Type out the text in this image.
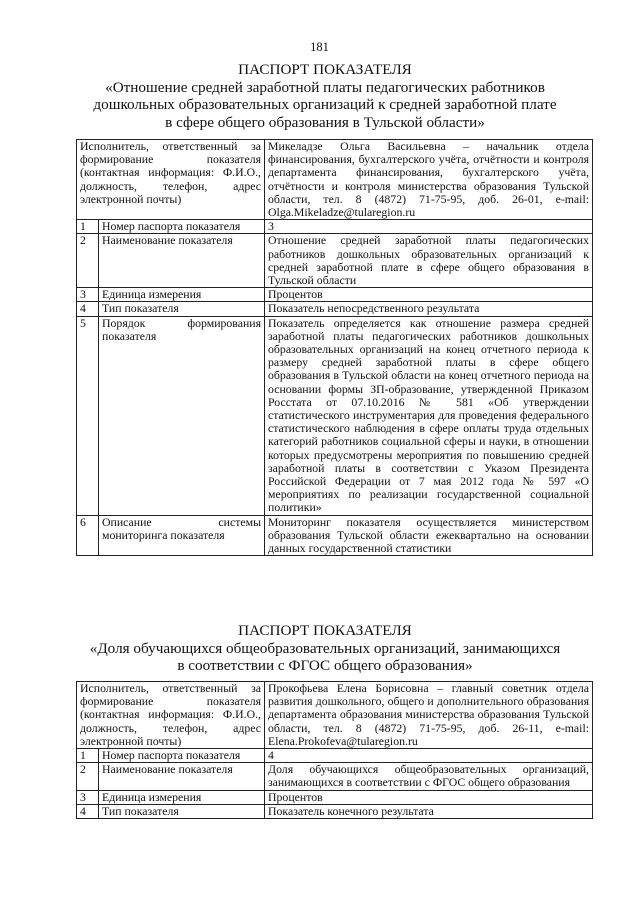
181
ПАСПОРТ ПОКАЗАТЕЛЯ
«Отношение средней заработной платы педагогических работников
дошкольных образовательных организаций к средней заработной плате
в сфере общего образования в Тульской области»
Исполнитель, ответственный за формирование показателя (контактная информация: Ф.И.О., должность, телефон, адрес электронной почты)		Микеладзе Ольга Васильевна – начальник отдела финансирования, бухгалтерского учёта, отчётности и контроля департамента финансирования, бухгалтерского учёта, отчётности и контроля министерства образования Тульской области, тел. 8 (4872) 71-75-95, доб. 26-01, e-mail: Olga.Mikeladze@tularegion.ru
1	Номер паспорта показателя	3
2	Наименование показателя	Отношение средней заработной платы педагогических работников дошкольных образовательных организаций к средней заработной плате в сфере общего образования в Тульской области
3	Единица измерения	Процентов
4	Тип показателя	Показатель непосредственного результата
5	Порядок формирования показателя	Показатель определяется как отношение размера средней заработной платы педагогических работников дошкольных образовательных организаций на конец отчетного периода к размеру средней заработной платы в сфере общего образования в Тульской области на конец отчетного периода на основании формы ЗП-образование, утвержденной Приказом Росстата от 07.10.2016 № 581 «Об утверждении статистического инструментария для проведения федерального статистического наблюдения в сфере оплаты труда отдельных категорий работников социальной сферы и науки, в отношении которых предусмотрены мероприятия по повышению средней заработной платы в соответствии с Указом Президента Российской Федерации от 7 мая 2012 года № 597 «О мероприятиях по реализации государственной социальной политики»
6	Описание системы мониторинга показателя	Мониторинг показателя осуществляется министерством образования Тульской области ежеквартально на основании данных государственной статистики
ПАСПОРТ ПОКАЗАТЕЛЯ
«Доля обучающихся общеобразовательных организаций, занимающихся
в соответствии с ФГОС общего образования»
Исполнитель, ответственный за формирование показателя (контактная информация: Ф.И.О., должность, телефон, адрес электронной почты)		Прокофьева Елена Борисовна – главный советник отдела развития дошкольного, общего и дополнительного образования департамента образования министерства образования Тульской области, тел. 8 (4872) 71-75-95, доб. 26-11, e-mail: Elena.Prokofeva@tularegion.ru
1	Номер паспорта показателя	4
2	Наименование показателя	Доля обучающихся общеобразовательных организаций, занимающихся в соответствии с ФГОС общего образования
3	Единица измерения	Процентов
4	Тип показателя	Показатель конечного результата
